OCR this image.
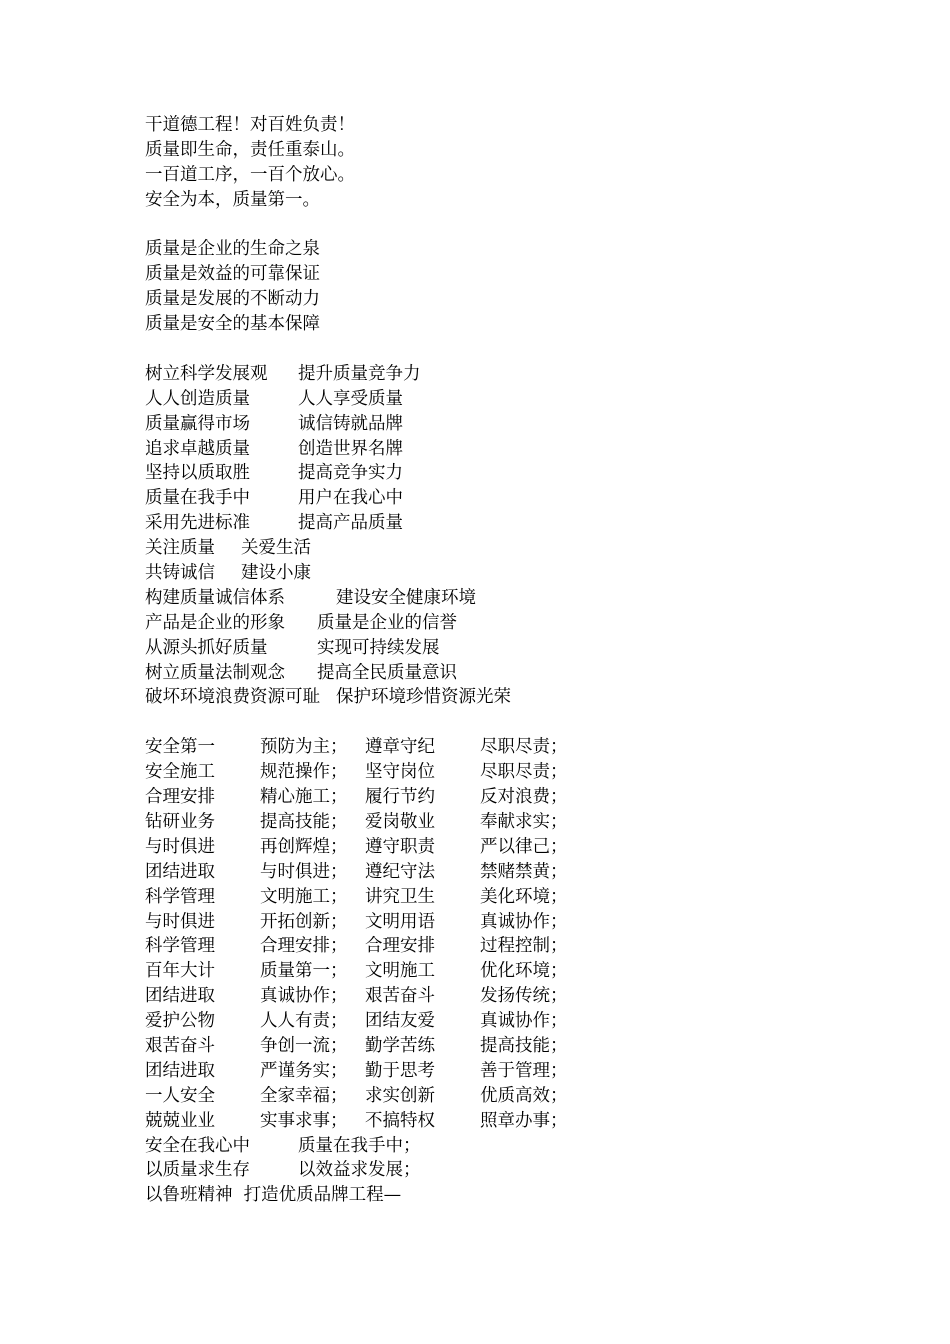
干道德工程！对百姓负责！
质量即生命，责任重泰山。
一百道工序，一百个放心。
安全为本，质量第一。
质量是企业的生命之泉
质量是效益的可靠保证
质量是发展的不断动力
质量是安全的基本保障
树立科学发展观 提升质量竞争力
人人创造质量	人人享受质量
质量赢得市场	诚信铸就品牌
追求卓越质量	创造世界名牌
坚持以质取胜	提高竞争实力
质量在我手中	用户在我心中
采用先进标准	提高产品质量
关注质量 关爱生活
共铸诚信 建设小康
构建质量诚信体系	建设安全健康环境
产品是企业的形象 质量是企业的信誉
从源头抓好质量	实现可持续发展
树立质量法制观念 提高全民质量意识
破坏环境浪费资源可耻 保护环境珍惜资源光荣
安全第一	预防为主； 遵章守纪	尽职尽责；
安全施工	规范操作； 坚守岗位	尽职尽责；
合理安排	精心施工； 履行节约	反对浪费；
钻研业务	提高技能； 爱岗敬业	奉献求实；
与时俱进	再创辉煌； 遵守职责	严以律己；
团结进取	与时俱进； 遵纪守法	禁赌禁黄；
科学管理	文明施工； 讲究卫生	美化环境；
与时俱进	开拓创新； 文明用语	真诚协作；
科学管理	合理安排； 合理安排	过程控制；
百年大计	质量第一； 文明施工	优化环境；
团结进取	真诚协作； 艰苦奋斗	发扬传统；
爱护公物	人人有责； 团结友爱	真诚协作；
艰苦奋斗	争创一流； 勤学苦练	提高技能；
团结进取	严谨务实； 勤于思考	善于管理；
一人安全	全家幸福； 求实创新	优质高效；
兢兢业业	实事求事； 不搞特权	照章办事；
安全在我心中	质量在我手中；
以质量求生存	以效益求发展；
以鲁班精神  打造优质品牌工程—
